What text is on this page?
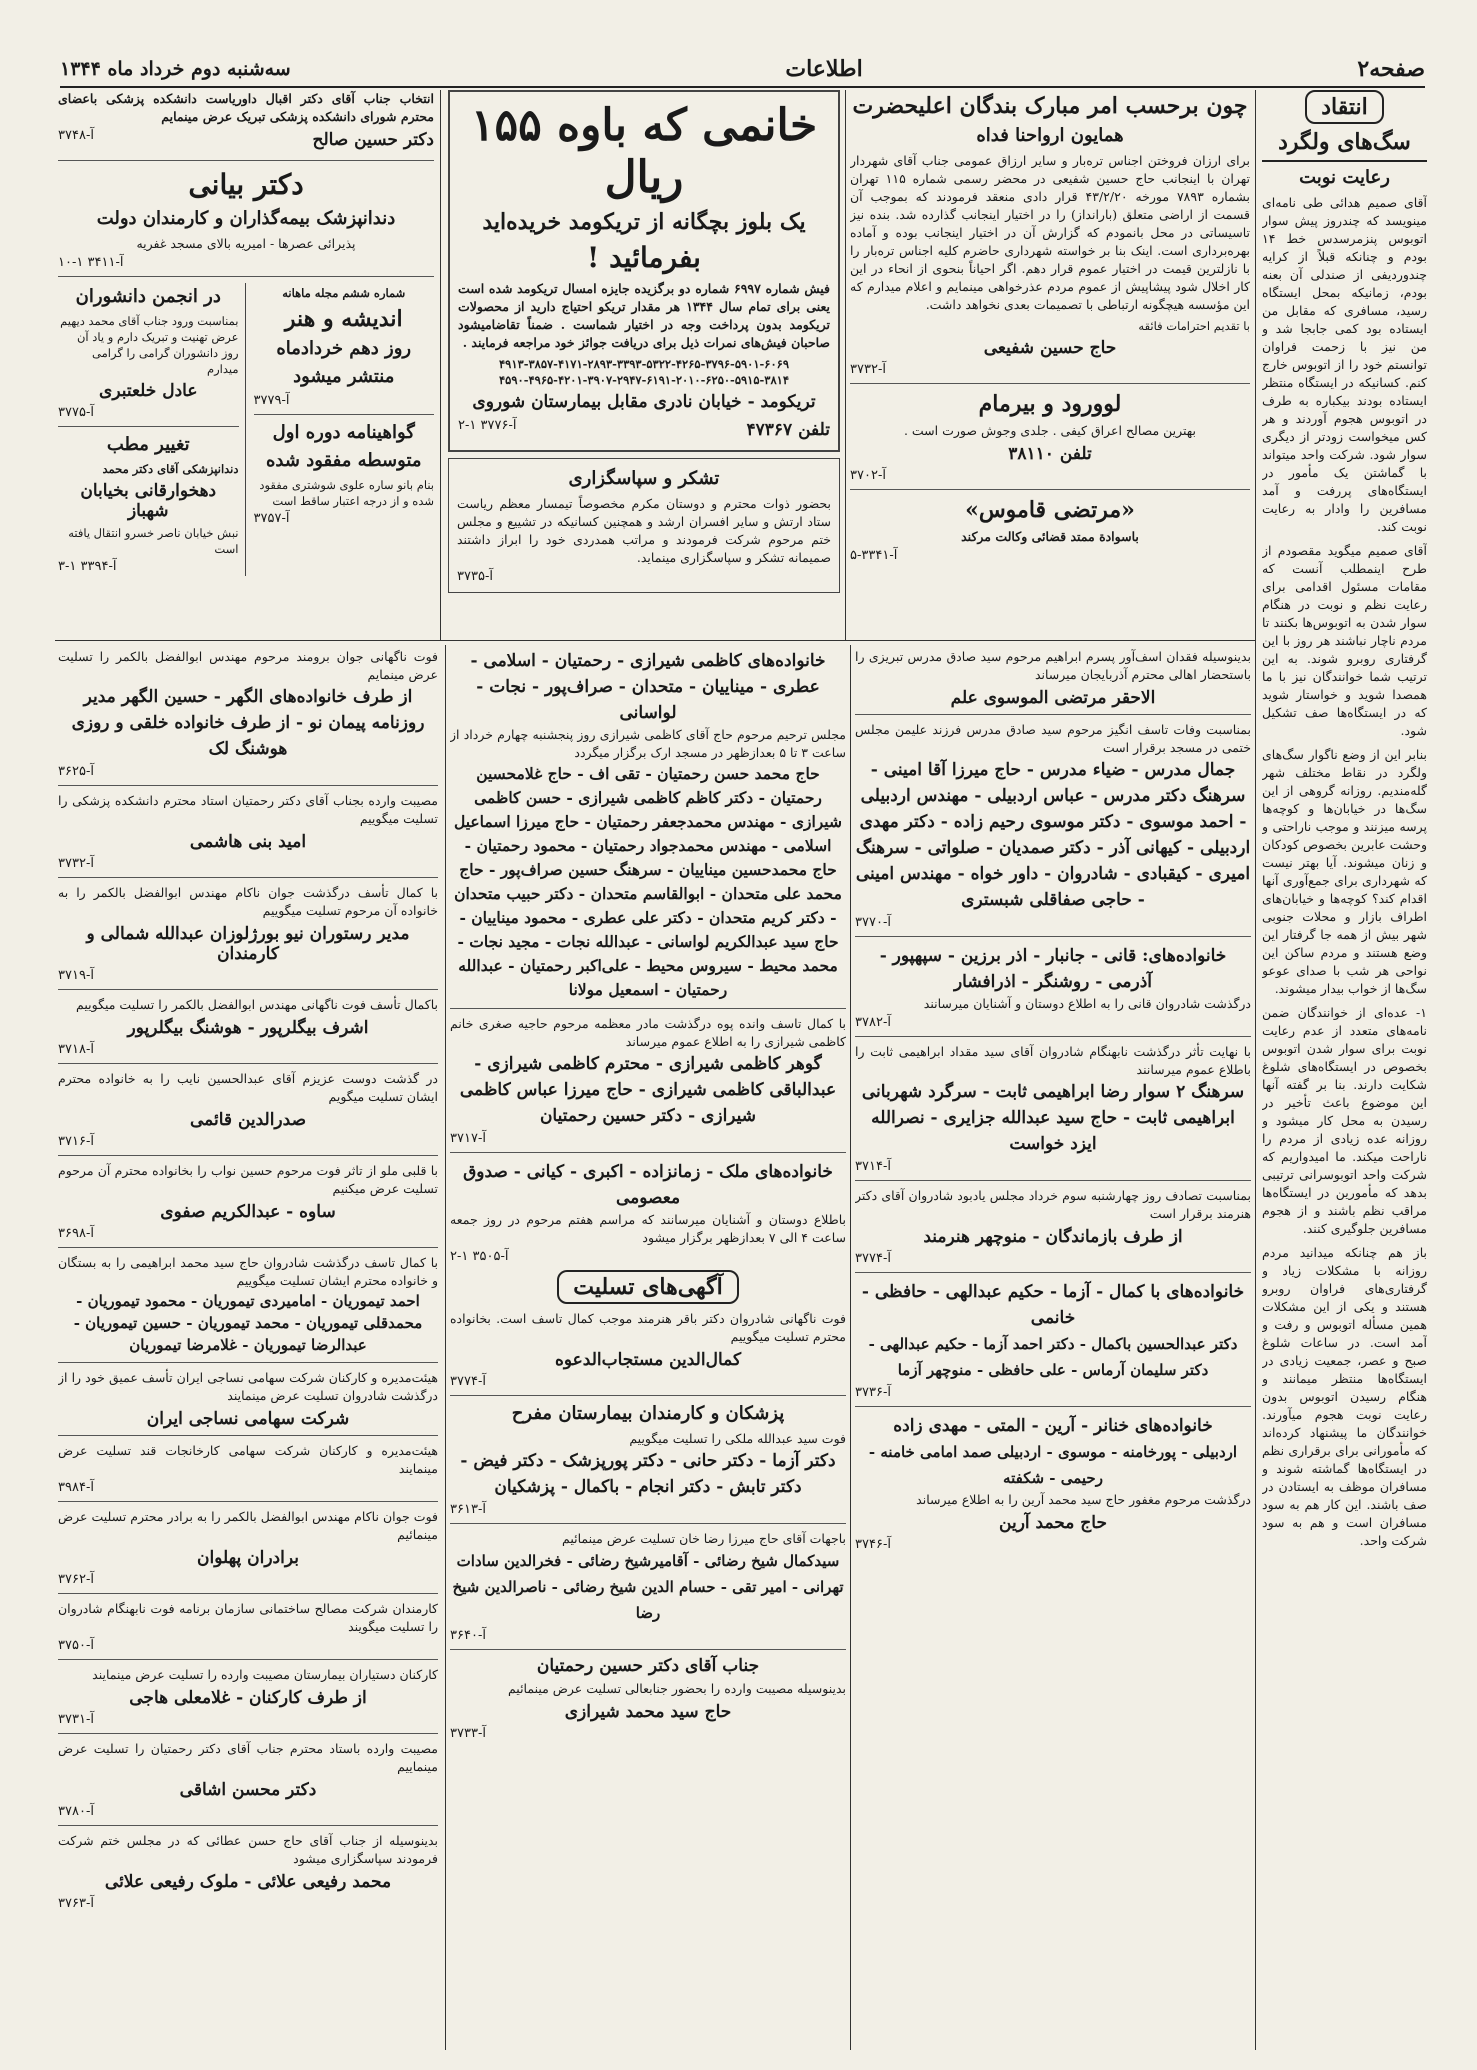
سه‌شنبه دوم خرداد ماه ۱۳۴۴	اطلاعات	صفحه۲
انتقاد
سگ‌های ولگرد
رعایت نوبت
آقای صمیم هدائی طی نامه‌ای مینویسد که چندروز پیش سوار اتوبوس پنزمرسدس خط ۱۴ بودم و چنانکه قبلاً از کرایه چندوردیفی از صندلی آن بعنه بودم، زمانیکه بمحل ایستگاه رسید، مسافری که مقابل من ایستاده بود کمی جابجا شد و من نیز با زحمت فراوان توانستم خود را از اتوبوس خارج کنم. کسانیکه در ایستگاه منتظر ایستاده بودند بیکباره به طرف در اتوبوس هجوم آوردند و هر کس میخواست زودتر از دیگری سوار شود. شرکت واحد میتواند با گماشتن یک مأمور در ایستگاه‌های پررفت و آمد مسافرین را وادار به رعایت نوبت کند.
آقای صمیم میگوید مقصودم از طرح اینمطلب آنست که مقامات مسئول اقدامی برای رعایت نظم و نوبت در هنگام سوار شدن به اتوبوس‌ها بکنند تا مردم ناچار نباشند هر روز با این گرفتاری روبرو شوند. به این ترتیب شما خوانندگان نیز با ما همصدا شوید و خواستار شوید که در ایستگاه‌ها صف تشکیل شود.
بنابر این از وضع ناگوار سگ‌های ولگرد در نقاط مختلف شهر گله‌مندیم. روزانه گروهی از این سگ‌ها در خیابان‌ها و کوچه‌ها پرسه میزنند و موجب ناراحتی و وحشت عابرین بخصوص کودکان و زنان میشوند. آیا بهتر نیست که شهرداری برای جمع‌آوری آنها اقدام کند؟ کوچه‌ها و خیابان‌های اطراف بازار و محلات جنوبی شهر بیش از همه جا گرفتار این وضع هستند و مردم ساکن این نواحی هر شب با صدای عوعو سگ‌ها از خواب بیدار میشوند.
۱- عده‌ای از خوانندگان ضمن نامه‌های متعدد از عدم رعایت نوبت برای سوار شدن اتوبوس بخصوص در ایستگاه‌های شلوغ شکایت دارند. بنا بر گفته آنها این موضوع باعث تأخیر در رسیدن به محل کار میشود و روزانه عده زیادی از مردم را ناراحت میکند. ما امیدواریم که شرکت واحد اتوبوسرانی ترتیبی بدهد که مأمورین در ایستگاه‌ها مراقب نظم باشند و از هجوم مسافرین جلوگیری کنند.
باز هم چنانکه میدانید مردم روزانه با مشکلات زیاد و گرفتاری‌های فراوان روبرو هستند و یکی از این مشکلات همین مسأله اتوبوس و رفت و آمد است. در ساعات شلوغ صبح و عصر، جمعیت زیادی در ایستگاه‌ها منتظر میمانند و هنگام رسیدن اتوبوس بدون رعایت نوبت هجوم میآورند. خوانندگان ما پیشنهاد کرده‌اند که مأمورانی برای برقراری نظم در ایستگاه‌ها گماشته شوند و مسافران موظف به ایستادن در صف باشند. این کار هم به سود مسافران است و هم به سود شرکت واحد.
چون برحسب امر مبارک بندگان اعلیحضرت
همایون ارواحنا فداه
برای ارزان فروختن اجناس تره‌بار و سایر ارزاق عمومی جناب آقای شهردار تهران با اینجانب حاج حسین شفیعی در محضر رسمی شماره ۱۱۵ تهران بشماره ۷۸۹۳ مورخه ۴۳/۲/۲۰ قرار دادی منعقد فرمودند که بموجب آن قسمت از اراضی متعلق (بارانداز) را در اختیار اینجانب گذارده شد. بنده نیز تاسیساتی در محل بانمودم که گزارش آن در اختیار اینجانب بوده و آماده بهره‌برداری است. اینک بنا بر خواسته شهرداری حاضرم کلیه اجناس تره‌بار را با نازلترین قیمت در اختیار عموم قرار دهم. اگر احیاناً بنحوی از انحاء در این کار اخلال شود پیشاپیش از عموم مردم عذرخواهی مینمایم و اعلام میدارم که این مؤسسه هیچگونه ارتباطی با تصمیمات بعدی نخواهد داشت.
با تقدیم احترامات فائقه
حاج حسین شفیعی
آ-۳۷۳۲
لوورود و بیرمام
بهترین مصالح اعراق کیفی . جلدی وجوش صورت است .
تلفن ۳۸۱۱۰
آ-۳۷۰۲
«مرتضی قاموس»
باسوادة ممتد قضائی وکالت مرکند
آ-۳۳۴۱-۵
خانمی که باوه ۱۵۵ ریال
یک بلوز بچگانه از تریکومد خریده‌اید
بفرمائید !
فیش شماره ۶۹۹۷ شماره دو برگزیده جایزه امسال تریکومد شده است یعنی برای تمام سال ۱۳۴۴ هر مقدار تریکو احتیاج دارید از محصولات تریکومد بدون پرداخت وجه در اختیار شماست . ضمناً تقاضامیشود صاحبان فیش‌های نمرات ذیل برای دریافت جوائز خود مراجعه فرمایند .
۴۹۱۳-۳۸۵۷-۴۱۷۱-۲۸۹۳-۳۳۹۳-۵۳۲۲-۴۲۶۵-۳۷۹۶-۵۹۰۱-۶۰۶۹ ۴۵۹۰-۴۹۶۵-۴۲۰۱-۳۹۰۷-۲۹۴۷-۶۱۹۱-۲۰۱۰-۶۲۵۰-۵۹۱۵-۳۸۱۴
تریکومد - خیابان نادری مقابل بیمارستان شوروی
تلفن ۴۷۳۶۷
آ-۳۷۷۶ ۱-۲
تشکر و سپاسگزاری
بحضور ذوات محترم و دوستان مکرم مخصوصاً تیمسار معظم ریاست ستاد ارتش و سایر افسران ارشد و همچنین کسانیکه در تشییع و مجلس ختم مرحوم شرکت فرمودند و مراتب همدردی خود را ابراز داشتند صمیمانه تشکر و سپاسگزاری مینماید.
آ-۳۷۳۵
انتخاب جناب آقای دکتر اقبال داوریاست دانشکده پزشکی باعضای محترم شورای دانشکده پزشکی تبریک عرض مینمایم
دکتر حسین صالح
آ-۳۷۴۸
دکتر بیانی
دندانپزشک بیمه‌گذاران و کارمندان دولت
پذیرائی عصرها - امیریه بالای مسجد غفریه
آ-۳۴۱۱ ۱-۱۰
شماره ششم مجله ماهانه
اندیشه و هنر
روز دهم خردادماه
منتشر میشود
آ-۳۷۷۹
گواهینامه دوره اول
متوسطه مفقود شده
بنام بانو ساره علوی شوشتری مفقود شده و از درجه اعتبار ساقط است
آ-۳۷۵۷
در انجمن دانشوران
بمناسبت ورود جناب آقای محمد دیهیم عرض تهنیت و تبریک دارم و یاد آن روز دانشوران گرامی را گرامی میدارم
عادل خلعتبری
آ-۳۷۷۵
تغییر مطب
دندانپزشکی آقای دکتر محمد
دهخوارقانی بخیابان شهباز
نبش خیابان ناصر خسرو انتقال یافته است
آ-۳۳۹۴ ۱-۳
بدینوسیله فقدان اسف‌آور پسرم ابراهیم مرحوم سید صادق مدرس تبریزی را باستحضار اهالی محترم آذربایجان میرساند
الاحقر مرتضی الموسوی علم
بمناسبت وفات تاسف انگیز مرحوم سید صادق مدرس فرزند علیمن مجلس ختمی در مسجد برقرار است
جمال مدرس - ضیاء مدرس - حاج میرزا آقا امینی - سرهنگ دکتر مدرس - عباس اردبیلی - مهندس اردبیلی - احمد موسوی - دکتر موسوی رحیم زاده - دکتر مهدی اردبیلی - کیهانی آذر - دکتر صمدیان - صلواتی - سرهنگ امیری - کیقبادی - شادروان - داور خواه - مهندس امینی - حاجی صفاقلی شبستری
آ-۳۷۷۰
خانواده‌های: قانی - جانبار - اذر برزین - سپهپور - آذرمی - روشنگر - اذرافشار
درگذشت شادروان قانی را به اطلاع دوستان و آشنایان میرسانند
آ-۳۷۸۲
با نهایت تأثر درگذشت نابهنگام شادروان آقای سید مقداد ابراهیمی ثابت را باطلاع عموم میرسانند
سرهنگ ۲ سوار رضا ابراهیمی ثابت - سرگرد شهربانی ابراهیمی ثابت - حاج سید عبدالله جزایری - نصرالله ایزد خواست
آ-۳۷۱۴
بمناسبت تصادف روز چهارشنبه سوم خرداد مجلس یادبود شادروان آقای دکتر هنرمند برقرار است
از طرف بازماندگان - منوچهر هنرمند
آ-۳۷۷۴
خانواده‌های با کمال - آزما - حکیم عبدالهی - حافظی - خانمی
دکتر عبدالحسین باکمال - دکتر احمد آزما - حکیم عبدالهی - دکتر سلیمان آرماس - علی حافظی - منوچهر آزما
آ-۳۷۳۶
خانواده‌های خنانر - آرین - المتی - مهدی زاده
اردبیلی - پورخامنه - موسوی - اردبیلی صمد امامی خامنه - رحیمی - شکفته
درگذشت مرحوم مغفور حاج سید محمد آرین را به اطلاع میرساند
حاج محمد آرین
آ-۳۷۴۶
خانواده‌های کاظمی شیرازی - رحمتیان - اسلامی - عطری - میناییان - متحدان - صراف‌پور - نجات - لواسانی
مجلس ترحیم مرحوم حاج آقای کاظمی شیرازی روز پنجشنبه چهارم خرداد از ساعت ۳ تا ۵ بعدازظهر در مسجد ارک برگزار میگردد
حاج محمد حسن رحمتیان - تقی اف - حاج غلامحسین رحمتیان - دکتر کاظم کاظمی شیرازی - حسن کاظمی شیرازی - مهندس محمدجعفر رحمتیان - حاج میرزا اسماعیل اسلامی - مهندس محمدجواد رحمتیان - محمود رحمتیان - حاج محمدحسین میناییان - سرهنگ حسین صراف‌پور - حاج محمد علی متحدان - ابوالقاسم متحدان - دکتر حبیب متحدان - دکتر کریم متحدان - دکتر علی عطری - محمود میناییان - حاج سید عبدالکریم لواسانی - عبدالله نجات - مجید نجات - محمد محیط - سیروس محیط - علی‌اکبر رحمتیان - عبدالله رحمتیان - اسمعیل مولانا
با کمال تاسف وانده پوه درگذشت مادر معظمه مرحوم حاجیه صغری خانم کاظمی شیرازی را به اطلاع عموم میرساند
گوهر کاظمی شیرازی - محترم کاظمی شیرازی - عبدالباقی کاظمی شیرازی - حاج میرزا عباس کاظمی شیرازی - دکتر حسین رحمتیان
آ-۳۷۱۷
خانواده‌های ملک - زمانزاده - اکبری - کیانی - صدوق معصومی
باطلاع دوستان و آشنایان میرسانند که مراسم هفتم مرحوم در روز جمعه ساعت ۴ الی ۷ بعدازظهر برگزار میشود
آ-۳۵۰۵ ۱-۲
آگهی‌های تسلیت
فوت ناگهانی شادروان دکتر باقر هنرمند موجب کمال تاسف است. بخانواده محترم تسلیت میگوییم
کمال‌الدین مستجاب‌الدعوه
آ-۳۷۷۴
پزشکان و کارمندان بیمارستان مفرح
فوت سید عبدالله ملکی را تسلیت میگوییم
دکتر آزما - دکتر حانی - دکتر پورپزشک - دکتر فیض - دکتر تابش - دکتر انجام - باکمال - پزشکیان
آ-۳۶۱۳
باجهات آقای حاج میرزا رضا خان تسلیت عرض مینمائیم
سیدکمال شیخ رضائی - آقامیرشیخ رضائی - فخرالدین سادات تهرانی - امیر تقی - حسام الدین شیخ رضائی - ناصرالدین شیخ رضا
آ-۳۶۴۰
جناب آقای دکتر حسین رحمتیان
بدینوسیله مصیبت وارده را بحضور جنابعالی تسلیت عرض مینمائیم
حاج سید محمد شیرازی
آ-۳۷۳۳
فوت ناگهانی جوان برومند مرحوم مهندس ابوالفضل بالکمر را تسلیت عرض مینمایم
از طرف خانواده‌های الگهر - حسین الگهر مدیر روزنامه پیمان نو - از طرف خانواده خلقی و روزی هوشنگ لک
آ-۳۶۲۵
مصیبت وارده بجناب آقای دکتر رحمتیان استاد محترم دانشکده پزشکی را تسلیت میگوییم
امید بنی هاشمی
آ-۳۷۳۲
با کمال تأسف درگذشت جوان ناکام مهندس ابوالفضل بالکمر را به خانواده آن مرحوم تسلیت میگوییم
مدیر رستوران نیو بورژلوزان عبدالله شمالی و کارمندان
آ-۳۷۱۹
باکمال تأسف فوت ناگهانی مهندس ابوالفضل بالکمر را تسلیت میگوییم
اشرف بیگلرپور - هوشنگ بیگلرپور
آ-۳۷۱۸
در گذشت دوست عزیزم آقای عبدالحسین نایب را به خانواده محترم ایشان تسلیت میگویم
صدرالدین قائمی
آ-۳۷۱۶
با قلبی ملو از تاثر فوت مرحوم حسین نواب را بخانواده محترم آن مرحوم تسلیت عرض میکنیم
ساوه - عبدالکریم صفوی
آ-۳۶۹۸
با کمال تاسف درگذشت شادروان حاج سید محمد ابراهیمی را به بستگان و خانواده محترم ایشان تسلیت میگوییم
احمد تیموریان - امامیردی تیموریان - محمود تیموریان - محمدقلی تیموریان - محمد تیموریان - حسین تیموریان - عبدالرضا تیموریان - غلامرضا تیموریان
هیئت‌مدیره و کارکنان شرکت سهامی نساجی ایران تأسف عمیق خود را از درگذشت شادروان تسلیت عرض مینمایند
شرکت سهامی نساجی ایران
هیئت‌مدیره و کارکنان شرکت سهامی کارخانجات قند تسلیت عرض مینمایند
آ-۳۹۸۴
فوت جوان ناکام مهندس ابوالفضل بالکمر را به برادر محترم تسلیت عرض مینمائیم
برادران پهلوان
آ-۳۷۶۲
کارمندان شرکت مصالح ساختمانی سازمان برنامه فوت نابهنگام شادروان را تسلیت میگویند
آ-۳۷۵۰
کارکنان دستیاران بیمارستان مصیبت وارده را تسلیت عرض مینمایند
از طرف کارکنان - غلامعلی هاجی
آ-۳۷۳۱
مصیبت وارده باستاد محترم جناب آقای دکتر رحمتیان را تسلیت عرض مینماییم
دکتر محسن اشاقی
آ-۳۷۸۰
بدینوسیله از جناب آقای حاج حسن عطائی که در مجلس ختم شرکت فرمودند سپاسگزاری میشود
محمد رفیعی علائی - ملوک رفیعی علائی
آ-۳۷۶۳
